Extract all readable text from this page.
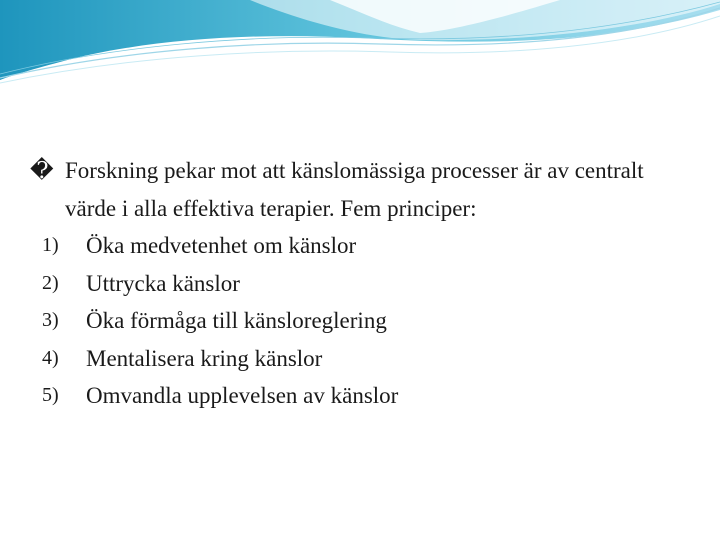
� Forskning pekar mot att känslomässiga processer är av centralt värde i alla effektiva terapier. Fem principer:

1) Öka medvetenhet om känslor
2) Uttrycka känslor
3) Öka förmåga till känsloreglering
4) Mentalisera kring känslor
5) Omvandla upplevelsen av känslor
